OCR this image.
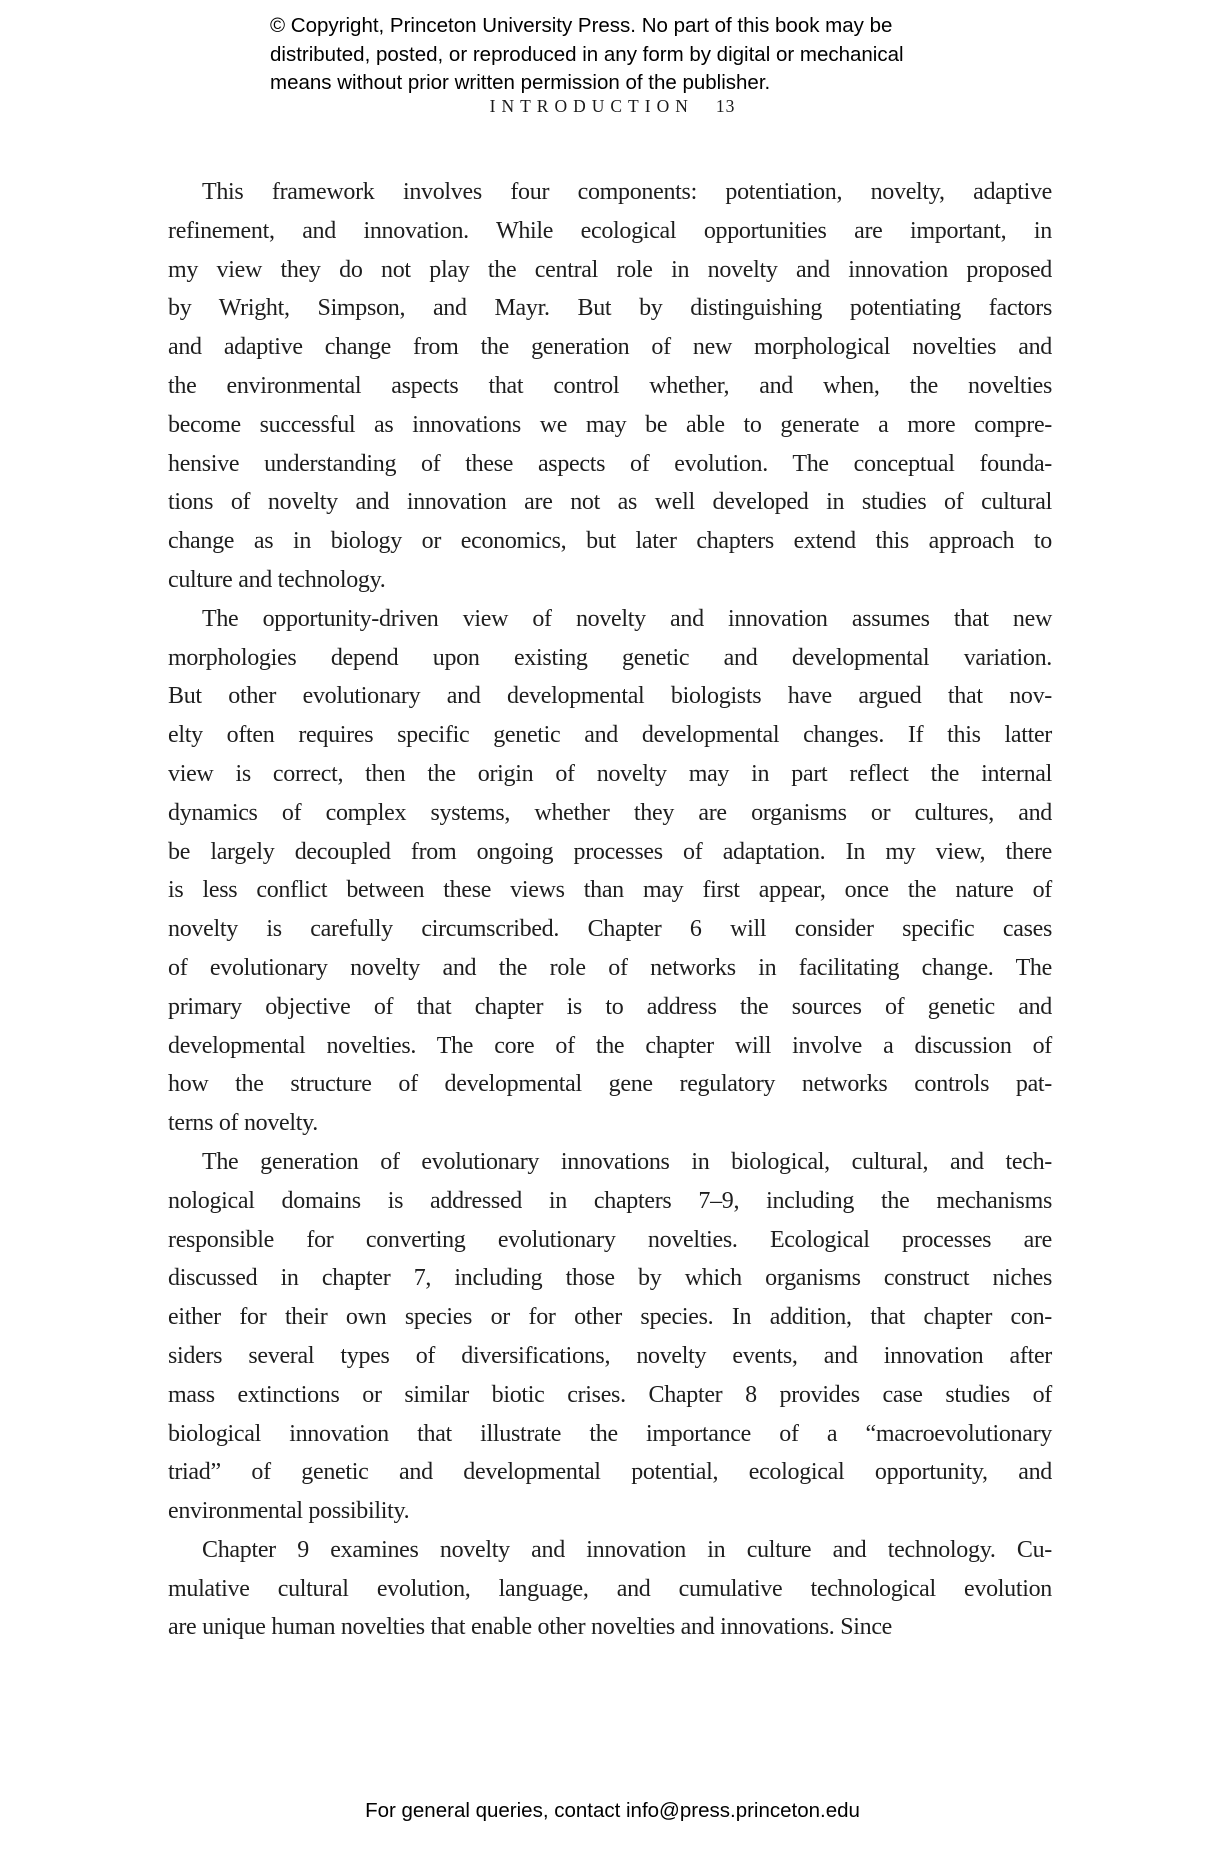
© Copyright, Princeton University Press. No part of this book may be
distributed, posted, or reproduced in any form by digital or mechanical
means without prior written permission of the publisher.
INTRODUCTION 13
This framework involves four components: potentiation, novelty, adaptive
refinement, and innovation. While ecological opportunities are important, in
my view they do not play the central role in novelty and innovation proposed
by Wright, Simpson, and Mayr. But by distinguishing potentiating factors
and adaptive change from the generation of new morphological novelties and
the environmental aspects that control whether, and when, the novelties
become successful as innovations we may be able to generate a more compre-
hensive understanding of these aspects of evolution. The conceptual founda-
tions of novelty and innovation are not as well developed in studies of cultural
change as in biology or economics, but later chapters extend this approach to
culture and technology.
The opportunity-driven view of novelty and innovation assumes that new
morphologies depend upon existing genetic and developmental variation.
But other evolutionary and developmental biologists have argued that nov-
elty often requires specific genetic and developmental changes. If this latter
view is correct, then the origin of novelty may in part reflect the internal
dynamics of complex systems, whether they are organisms or cultures, and
be largely decoupled from ongoing processes of adaptation. In my view, there
is less conflict between these views than may first appear, once the nature of
novelty is carefully circumscribed. Chapter 6 will consider specific cases
of evolutionary novelty and the role of networks in facilitating change. The
primary objective of that chapter is to address the sources of genetic and
developmental novelties. The core of the chapter will involve a discussion of
how the structure of developmental gene regulatory networks controls pat-
terns of novelty.
The generation of evolutionary innovations in biological, cultural, and tech-
nological domains is addressed in chapters 7–9, including the mechanisms
responsible for converting evolutionary novelties. Ecological processes are
discussed in chapter 7, including those by which organisms construct niches
either for their own species or for other species. In addition, that chapter con-
siders several types of diversifications, novelty events, and innovation after
mass extinctions or similar biotic crises. Chapter 8 provides case studies of
biological innovation that illustrate the importance of a “macroevolutionary
triad” of genetic and developmental potential, ecological opportunity, and
environmental possibility.
Chapter 9 examines novelty and innovation in culture and technology. Cu-
mulative cultural evolution, language, and cumulative technological evolution
are unique human novelties that enable other novelties and innovations. Since
For general queries, contact info@press.princeton.edu
